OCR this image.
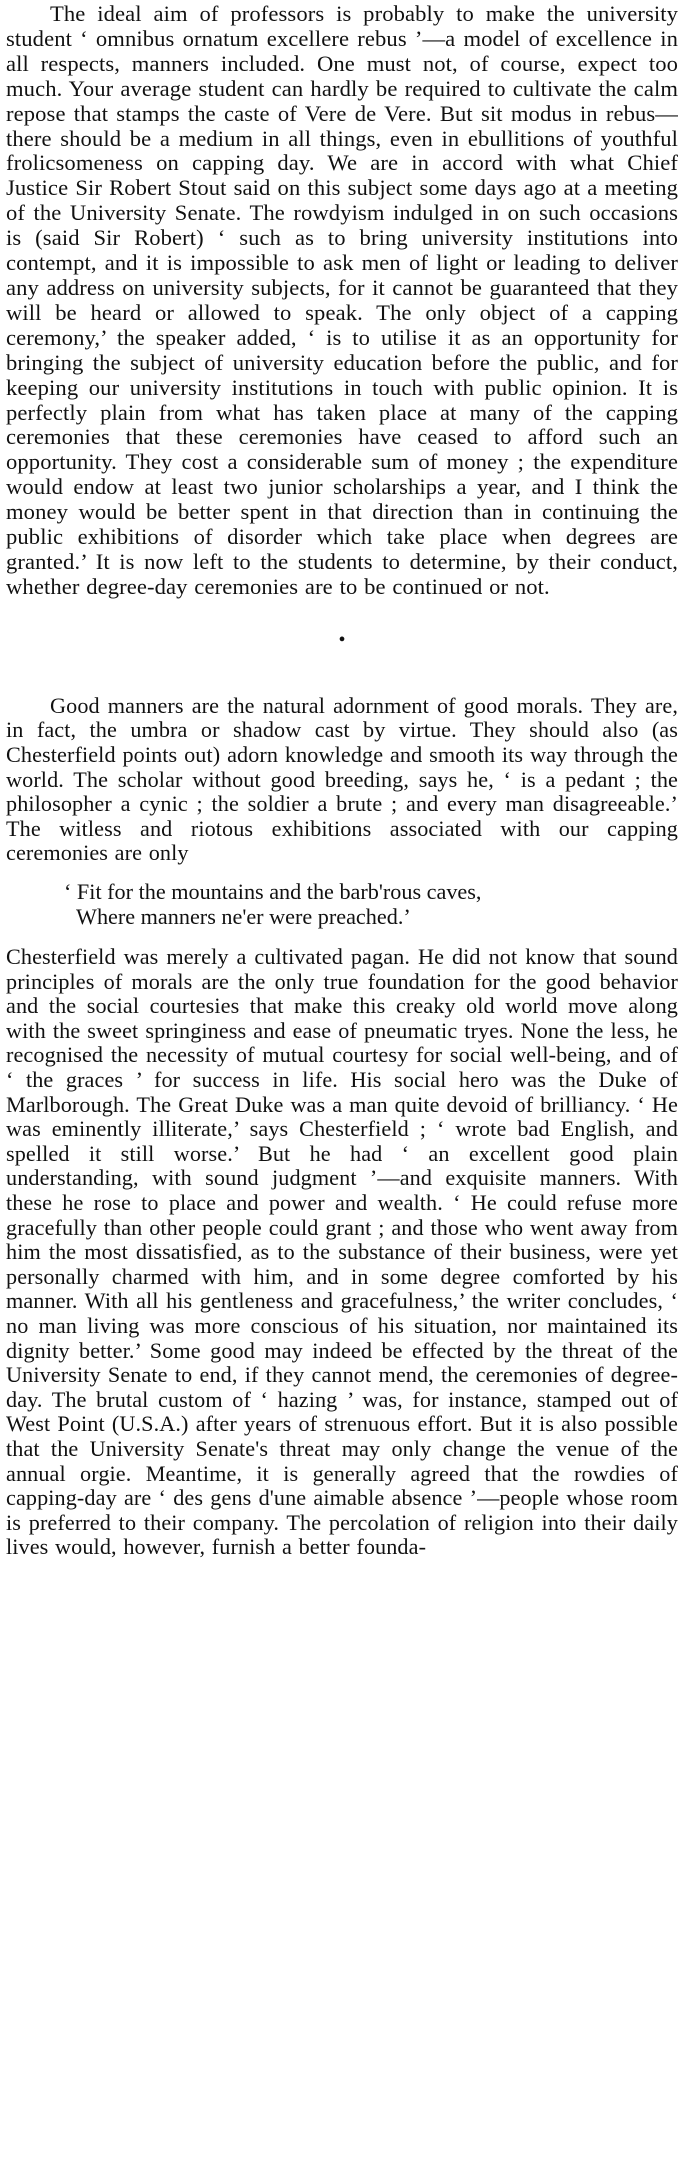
The ideal aim of professors is probably to make the university student ‘ omnibus ornatum excellere rebus ’—a model of excellence in all respects, manners included. One must not, of course, expect too much. Your average student can hardly be required to cultivate the calm repose that stamps the caste of Vere de Vere. But sit modus in rebus—there should be a medium in all things, even in ebullitions of youthful frolicsomeness on capping day. We are in accord with what Chief Justice Sir Robert Stout said on this subject some days ago at a meeting of the University Senate. The rowdyism indulged in on such occasions is (said Sir Robert) ‘ such as to bring university institutions into contempt, and it is impossible to ask men of light or leading to deliver any address on university subjects, for it cannot be guaranteed that they will be heard or allowed to speak. The only object of a capping ceremony,’ the speaker added, ‘ is to utilise it as an opportunity for bringing the subject of university education before the public, and for keeping our university institutions in touch with public opinion. It is perfectly plain from what has taken place at many of the capping ceremonies that these ceremonies have ceased to afford such an opportunity. They cost a considerable sum of money ; the expenditure would endow at least two junior scholarships a year, and I think the money would be better spent in that direction than in continuing the public exhibitions of disorder which take place when degrees are granted.’ It is now left to the students to determine, by their conduct, whether degree-day ceremonies are to be continued or not.

•

Good manners are the natural adornment of good morals. They are, in fact, the umbra or shadow cast by virtue. They should also (as Chesterfield points out) adorn knowledge and smooth its way through the world. The scholar without good breeding, says he, ‘ is a pedant ; the philosopher a cynic ; the soldier a brute ; and every man disagreeable.’ The witless and riotous exhibitions associated with our capping ceremonies are only

‘ Fit for the mountains and the barb'rous caves,
Where manners ne'er were preached.’

Chesterfield was merely a cultivated pagan. He did not know that sound principles of morals are the only true foundation for the good behavior and the social courtesies that make this creaky old world move along with the sweet springiness and ease of pneumatic tryes. None the less, he recognised the necessity of mutual courtesy for social well-being, and of ‘ the graces ’ for success in life. His social hero was the Duke of Marlborough. The Great Duke was a man quite devoid of brilliancy. ‘ He was eminently illiterate,’ says Chesterfield ; ‘ wrote bad English, and spelled it still worse.’ But he had ‘ an excellent good plain understanding, with sound judgment ’—and exquisite manners. With these he rose to place and power and wealth. ‘ He could refuse more gracefully than other people could grant ; and those who went away from him the most dissatisfied, as to the substance of their business, were yet personally charmed with him, and in some degree comforted by his manner. With all his gentleness and gracefulness,’ the writer concludes, ‘ no man living was more conscious of his situation, nor maintained its dignity better.’ Some good may indeed be effected by the threat of the University Senate to end, if they cannot mend, the ceremonies of degree-day. The brutal custom of ‘ hazing ’ was, for instance, stamped out of West Point (U.S.A.) after years of strenuous effort. But it is also possible that the University Senate's threat may only change the venue of the annual orgie. Meantime, it is generally agreed that the rowdies of capping-day are ‘ des gens d'une aimable absence ’—people whose room is preferred to their company. The percolation of religion into their daily lives would, however, furnish a better founda-
